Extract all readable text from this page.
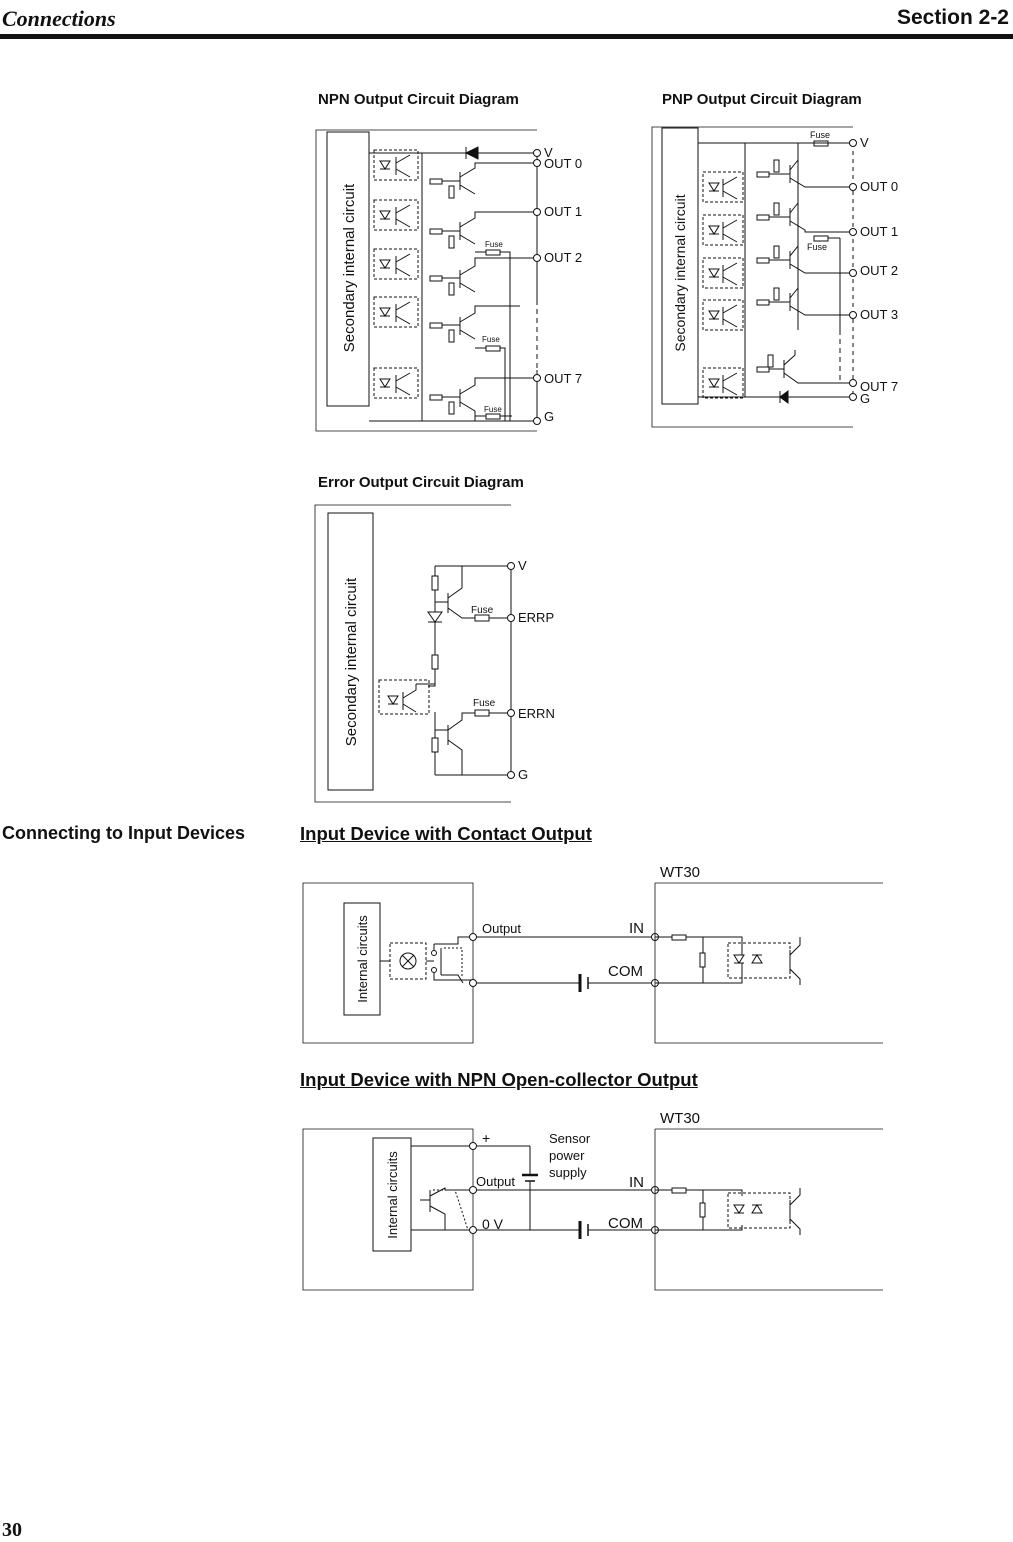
Connections	Section 2-2
NPN Output Circuit Diagram	PNP Output Circuit Diagram
Error Output Circuit Diagram
Connecting to Input Devices	Input Device with Contact Output
Input Device with NPN Open-collector Output
30
Secondary internal circuit	Fuse
Fuse
Fuse
V
OUT 0
OUT 1
OUT 2
OUT 7
G
Secondary internal circuit
Fuse
Fuse
V
OUT 0
OUT 1
OUT 2
OUT 3
OUT 7
G
Secondary internal circuit	Fuse
Fuse
V
ERRP
ERRN
G
Internal circuits	Output	IN
COM
WT30
Internal circuits
+	Sensor
power
supply
Output
0 V
IN
COM
WT30
